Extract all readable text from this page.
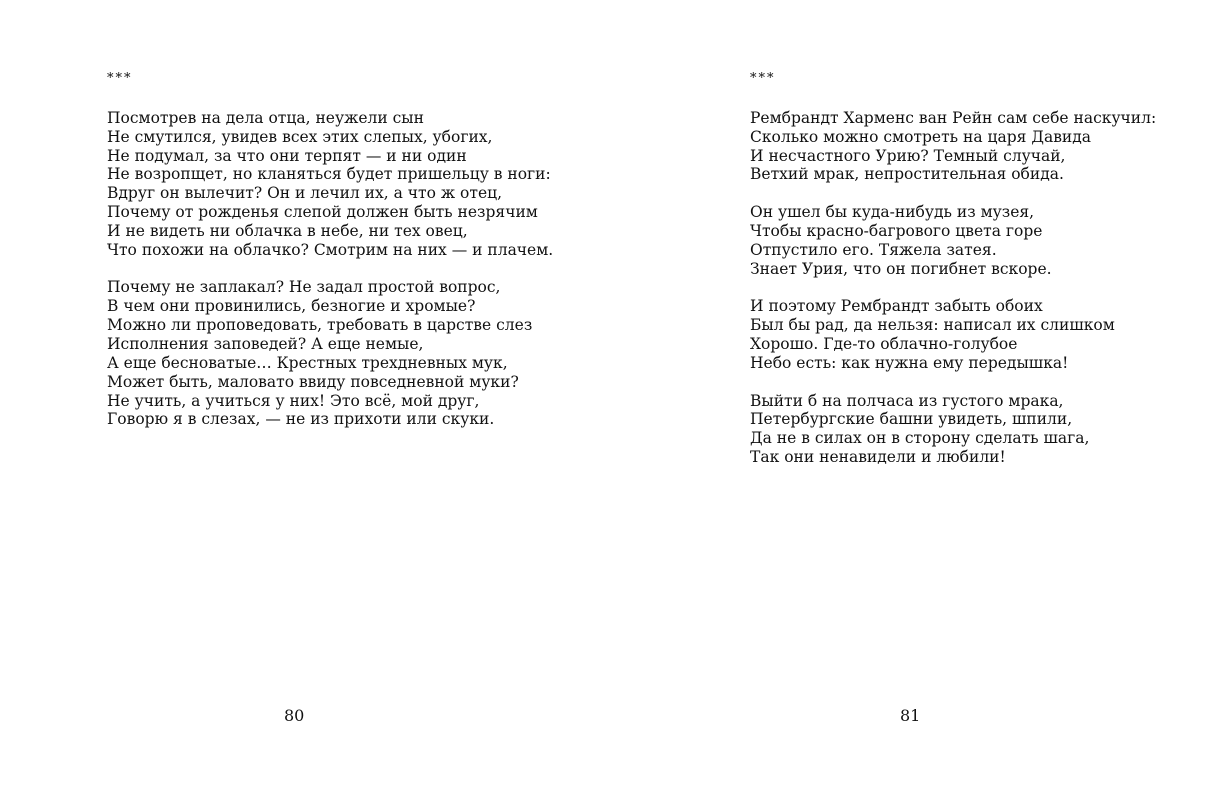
***
Посмотрев на дела отца, неужели сын
Не смутился, увидев всех этих слепых, убогих,
Не подумал, за что они терпят — и ни один
Не возропщет, но кланяться будет пришельцу в ноги:
Вдруг он вылечит? Он и лечил их, а что ж отец,
Почему от рожденья слепой должен быть незрячим
И не видеть ни облачка в небе, ни тех овец,
Что похожи на облачко? Смотрим на них — и плачем.
Почему не заплакал? Не задал простой вопрос,
В чем они провинились, безногие и хромые?
Можно ли проповедовать, требовать в царстве слез
Исполнения заповедей? А еще немые,
А еще бесноватые… Крестных трехдневных мук,
Может быть, маловато ввиду повседневной муки?
Не учить, а учиться у них! Это всё, мой друг,
Говорю я в слезах, — не из прихоти или скуки.
80
***
Рембрандт Харменс ван Рейн сам себе наскучил:
Сколько можно смотреть на царя Давида
И несчастного Урию? Темный случай,
Ветхий мрак, непростительная обида.
Он ушел бы куда-нибудь из музея,
Чтобы красно-багрового цвета горе
Отпустило его. Тяжела затея.
Знает Урия, что он погибнет вскоре.
И поэтому Рембрандт забыть обоих
Был бы рад, да нельзя: написал их слишком
Хорошо. Где-то облачно-голубое
Небо есть: как нужна ему передышка!
Выйти б на полчаса из густого мрака,
Петербургские башни увидеть, шпили,
Да не в силах он в сторону сделать шага,
Так они ненавидели и любили!
81
